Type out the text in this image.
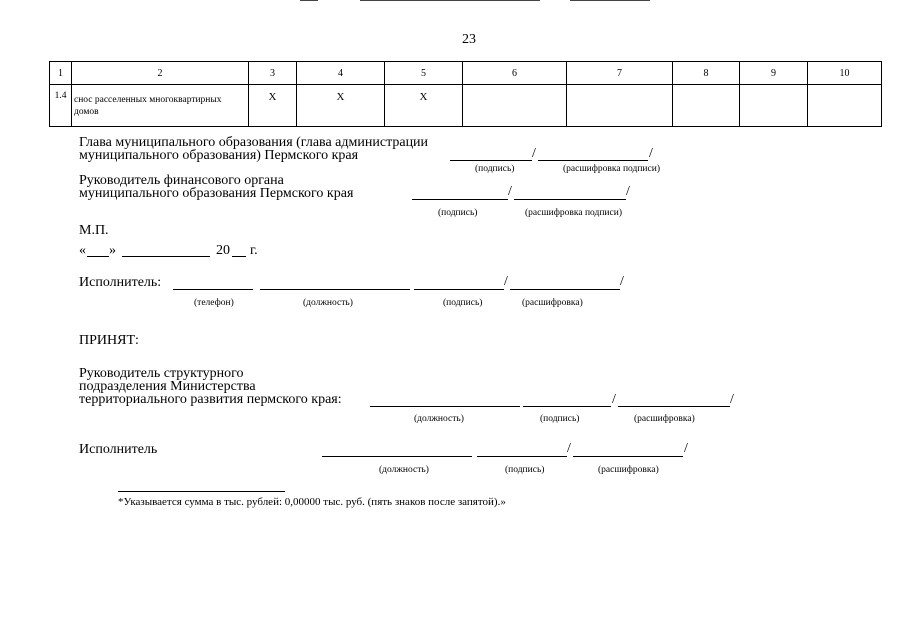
23
1	2	3	4	5	6	7	8	9	10
1.4	снос расселенных многоквартирных домов	Х	Х	Х					
Глава муниципального образования (глава администрации
муниципального образования) Пермского края	/	/
(подпись)	(расшифровка подписи)
Руководитель финансового органа
муниципального образования Пермского края	/	/
(подпись)	(расшифровка подписи)
М.П.
« »	20 г.
Исполнитель:	/	/
(телефон)	(должность)	(подпись)	(расшифровка)
ПРИНЯТ:
Руководитель структурного
подразделения Министерства
территориального развития пермского края:	/	/
(должность)	(подпись)	(расшифровка)
Исполнитель	/	/
(должность)	(подпись)	(расшифровка)
*Указывается сумма в тыс. рублей: 0,00000 тыс. руб. (пять знаков после запятой).»
